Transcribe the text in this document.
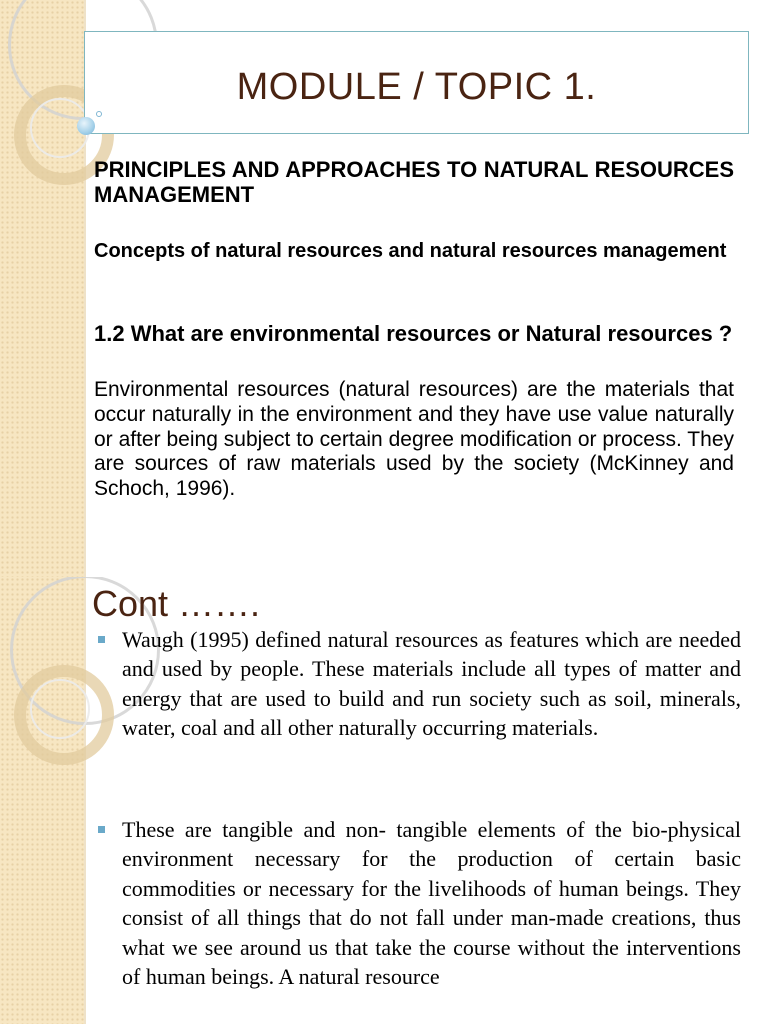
MODULE / TOPIC 1.
PRINCIPLES AND APPROACHES TO NATURAL RESOURCES MANAGEMENT
Concepts of natural resources and natural resources management
1.2 What are environmental resources or Natural resources ?
Environmental resources (natural resources) are the materials that occur naturally in the environment and they have use value naturally or after being subject to certain degree modification or process. They are sources of raw materials used by the society (McKinney and Schoch, 1996).
Cont …….
Waugh (1995) defined natural resources as features which are needed and used by people. These materials include all types of matter and energy that are used to build and run society such as soil, minerals, water, coal and all other naturally occurring materials.
These are tangible and non- tangible elements of the bio-physical environment necessary for the production of certain basic commodities or necessary for the livelihoods of human beings. They consist of all things that do not fall under man-made creations, thus what we see around us that take the course without the interventions of human beings. A natural resource
